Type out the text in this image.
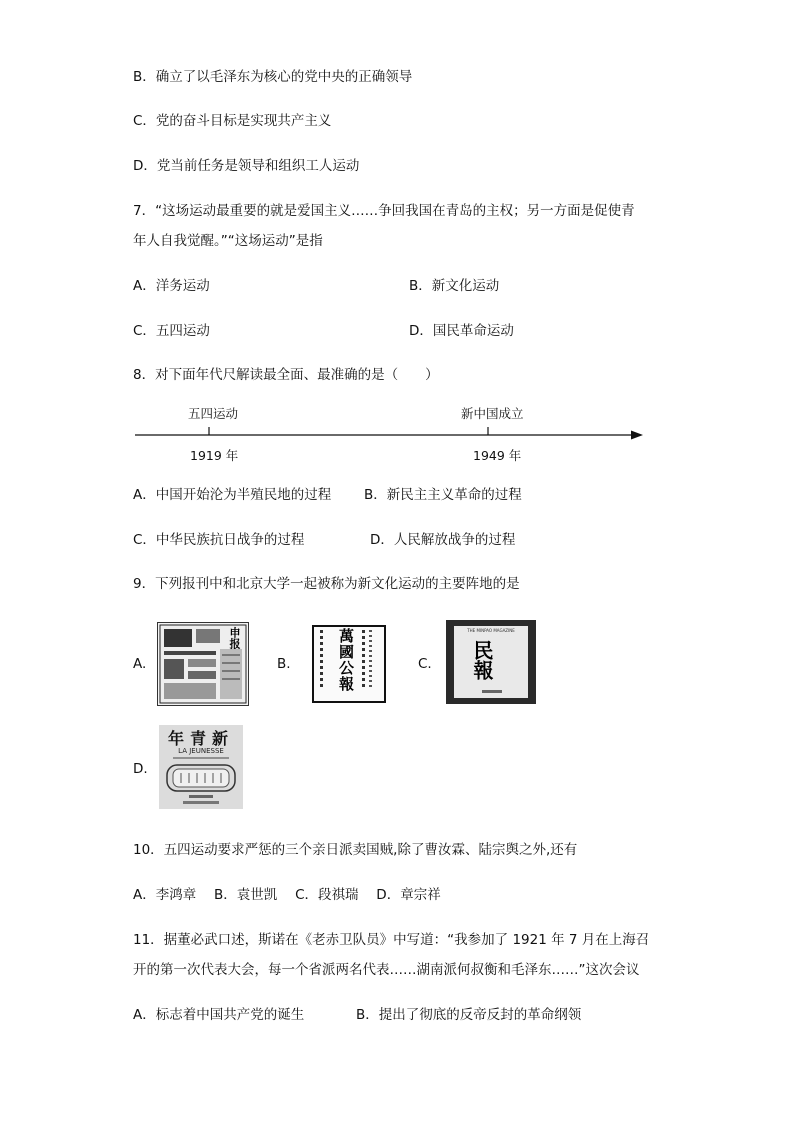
B．确立了以毛泽东为核心的党中央的正确领导
C．党的奋斗目标是实现共产主义
D．党当前任务是领导和组织工人运动
7．“这场运动最重要的就是爱国主义……争回我国在青岛的主权；另一方面是促使青
年人自我觉醒。”“这场运动”是指
A．洋务运动	B．新文化运动
C．五四运动	D．国民革命运动
8．对下面年代尺解读最全面、最准确的是（　　）
五四运动	新中国成立
1919 年	1949 年
A．中国开始沦为半殖民地的过程 B．新民主主义革命的过程
C．中华民族抗日战争的过程	D．人民解放战争的过程
9．下列报刊中和北京大学一起被称为新文化运动的主要阵地的是
A.
申报
B.	萬國公報	C.
THE MINPAO MAGAZINE
民報
D.
新青年
LA JEUNESSE
10．五四运动要求严惩的三个亲日派卖国贼,除了曹汝霖、陆宗舆之外,还有
A．李鸿章　 B．袁世凯　 C．段祺瑞　 D．章宗祥
11．据董必武口述，斯诺在《老赤卫队员》中写道：“我参加了 1921 年 7 月在上海召
开的第一次代表大会，每一个省派两名代表……湖南派何叔衡和毛泽东……”这次会议
A．标志着中国共产党的诞生	B．提出了彻底的反帝反封的革命纲领
